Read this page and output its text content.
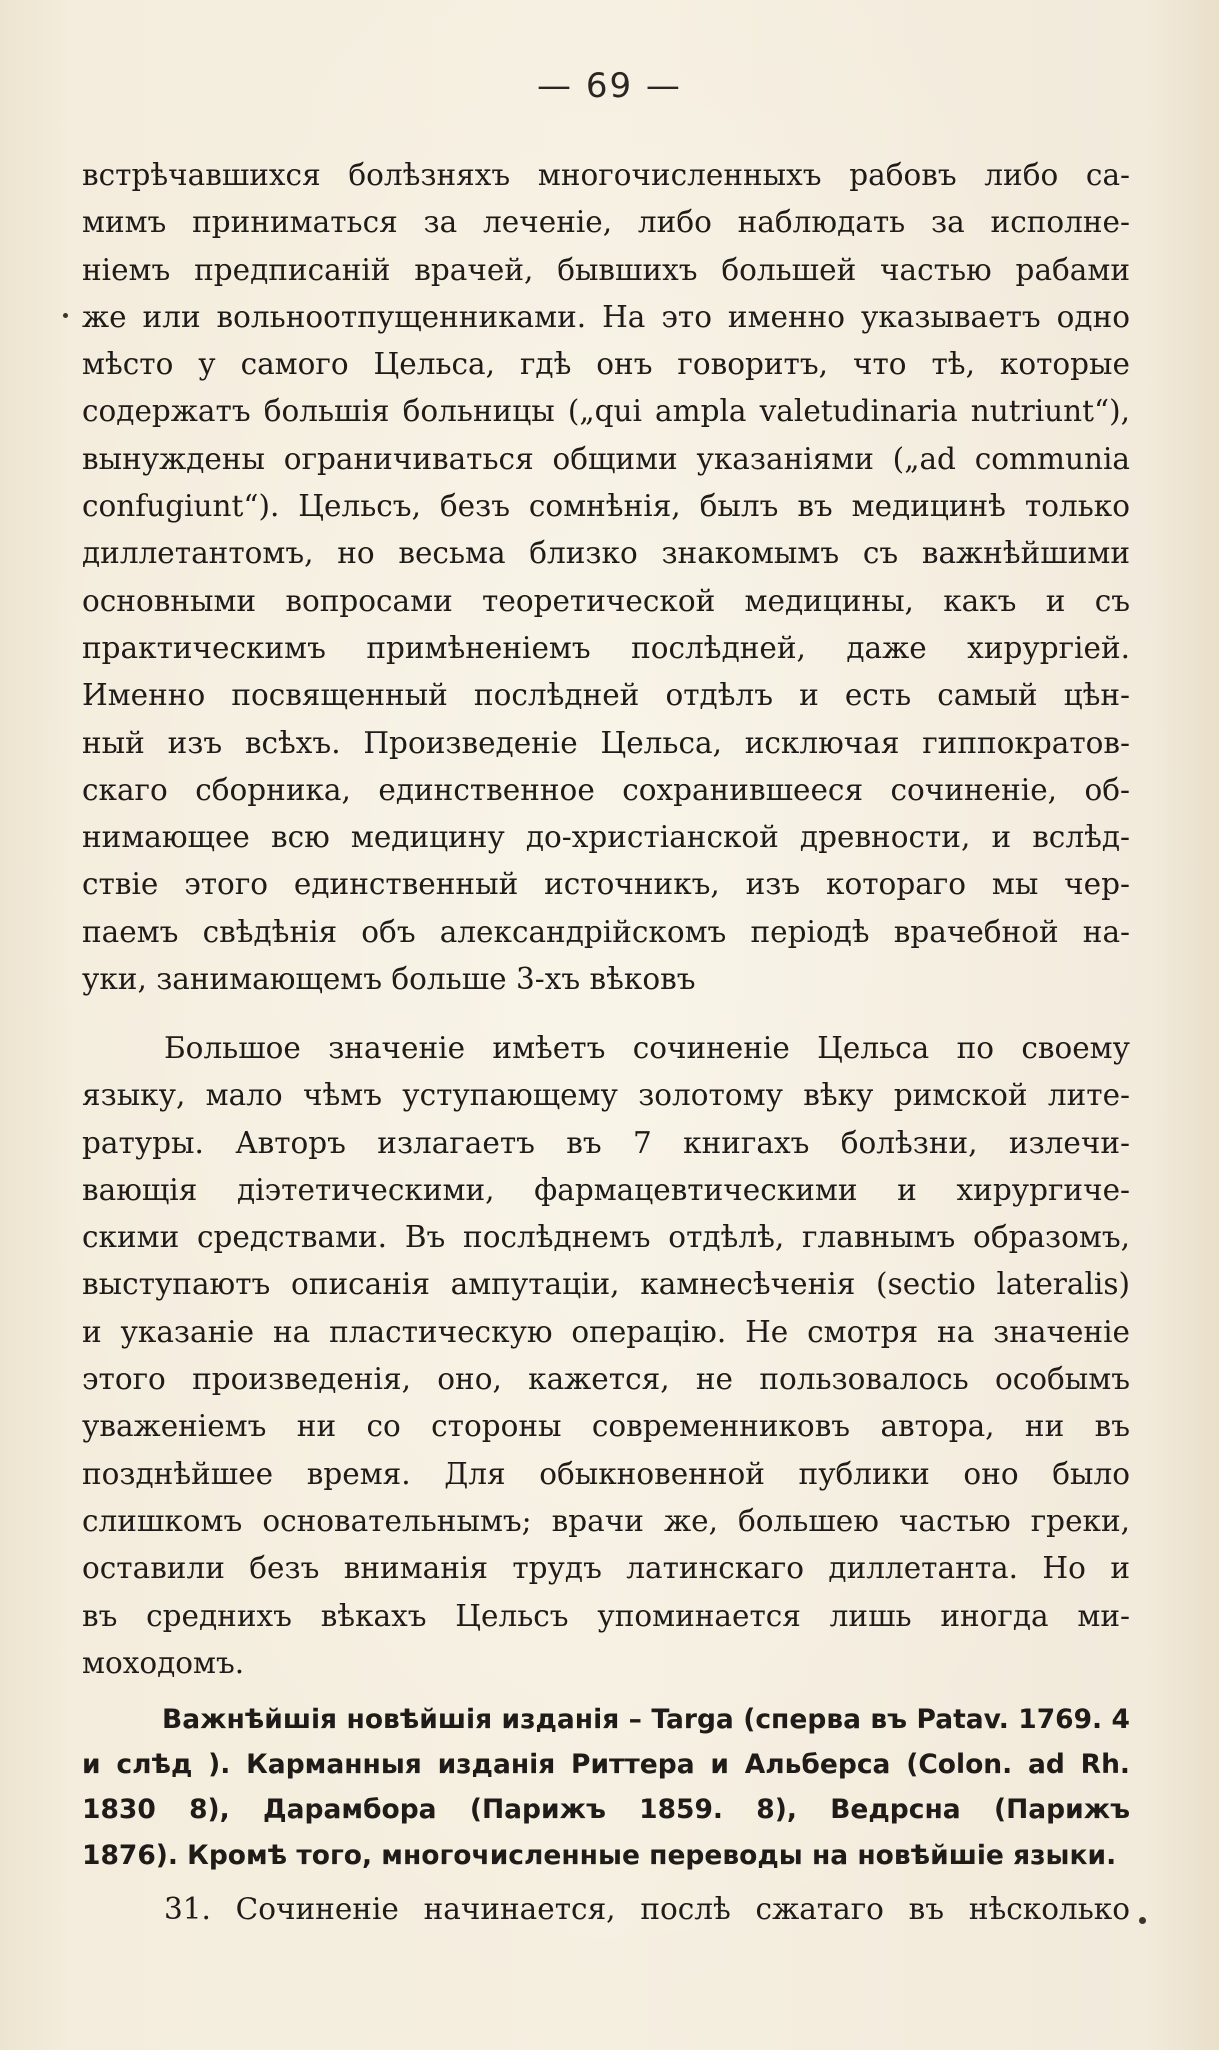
— 69 —
встрѣчавшихся болѣзняхъ многочисленныхъ рабовъ либо са-
мимъ приниматься за леченіе, либо наблюдать за исполне-
ніемъ предписаній врачей, бывшихъ большей частью рабами
же или вольноотпущенниками. На это именно указываетъ одно
мѣсто у самого Цельса, гдѣ онъ говоритъ, что тѣ, которые
содержатъ большія больницы („qui ampla valetudinaria nutriunt“),
вынуждены ограничиваться общими указаніями („ad communia
confugiunt“). Цельсъ, безъ сомнѣнія, былъ въ медицинѣ только
диллетантомъ, но весьма близко знакомымъ съ важнѣйшими
основными вопросами теоретической медицины, какъ и съ
практическимъ примѣненіемъ послѣдней, даже хирургіей.
Именно посвященный послѣдней отдѣлъ и есть самый цѣн-
ный изъ всѣхъ. Произведеніе Цельса, исключая гиппократов-
скаго сборника, единственное сохранившееся сочиненіе, об-
нимающее всю медицину до-христіанской древности, и вслѣд-
ствіе этого единственный источникъ, изъ котораго мы чер-
паемъ свѣдѣнія объ александрійскомъ періодѣ врачебной на-
уки, занимающемъ больше 3-хъ вѣковъ
Большое значеніе имѣетъ сочиненіе Цельса по своему
языку, мало чѣмъ уступающему золотому вѣку римской лите-
ратуры. Авторъ излагаетъ въ 7 книгахъ болѣзни, излечи-
вающія діэтетическими, фармацевтическими и хирургиче-
скими средствами. Въ послѣднемъ отдѣлѣ, главнымъ образомъ,
выступаютъ описанія ампутаціи, камнесѣченія (sectio lateralis)
и указаніе на пластическую операцію. Не смотря на значеніе
этого произведенія, оно, кажется, не пользовалось особымъ
уваженіемъ ни со стороны современниковъ автора, ни въ
позднѣйшее время. Для обыкновенной публики оно было
слишкомъ основательнымъ; врачи же, большею частью греки,
оставили безъ вниманія трудъ латинскаго диллетанта. Но и
въ среднихъ вѣкахъ Цельсъ упоминается лишь иногда ми-
моходомъ.
Важнѣйшія новѣйшія изданія – Targa (сперва въ Patav. 1769. 4
и слѣд ). Карманныя изданія Риттера и Альберса (Colon. ad Rh.
1830 8), Дарамбора (Парижъ 1859. 8), Ведрсна (Парижъ
1876). Кромѣ того, многочисленные переводы на новѣйшіе языки.
31. Сочиненіе начинается, послѣ сжатаго въ нѣсколько
